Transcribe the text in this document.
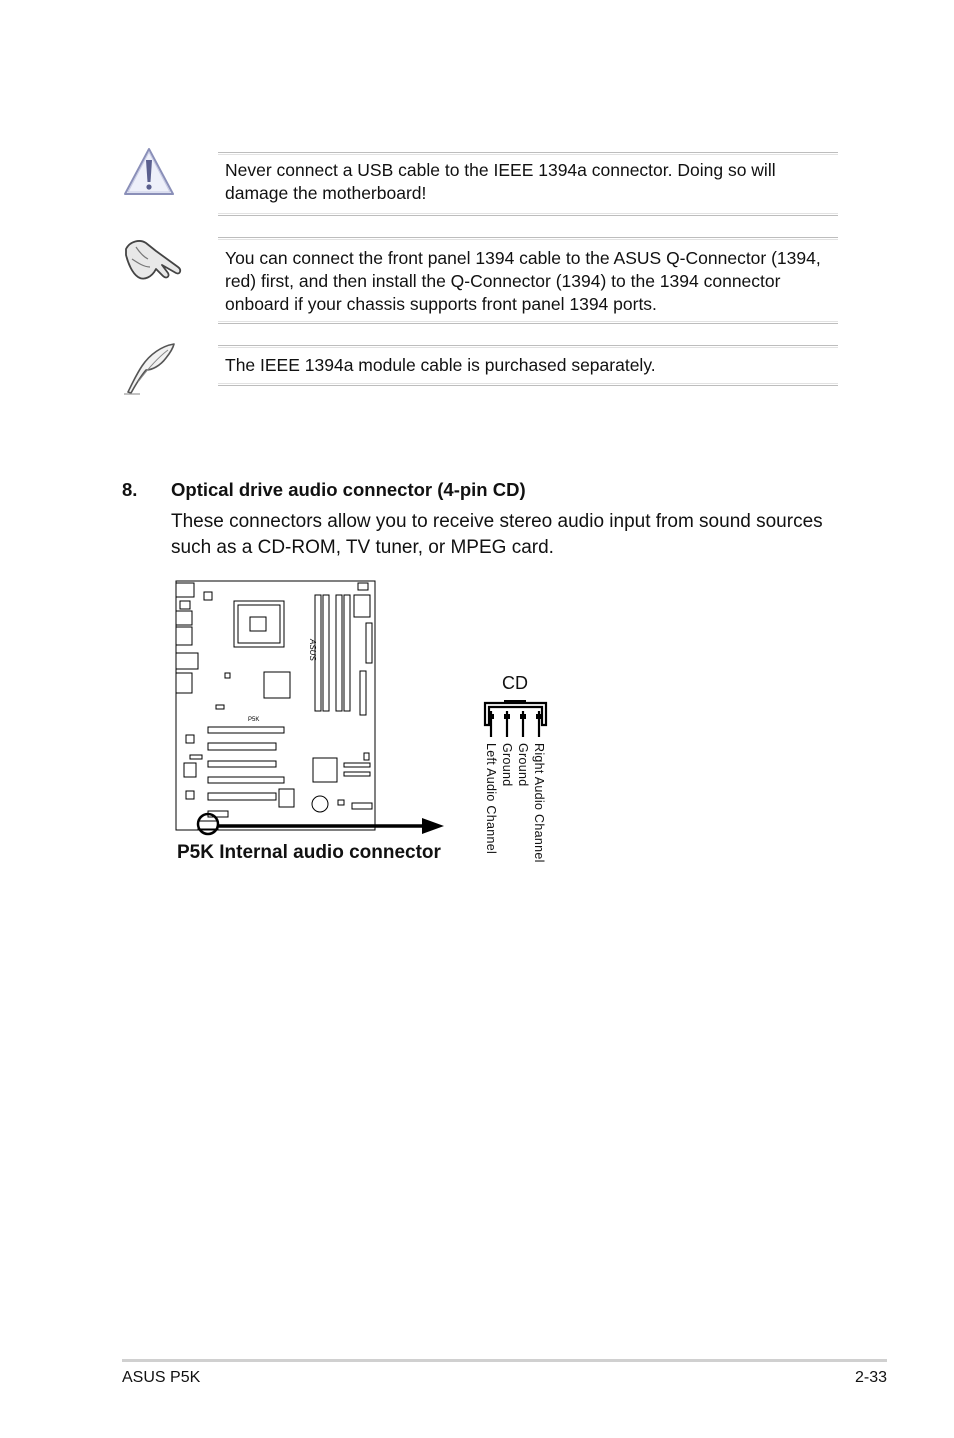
Never connect a USB cable to the IEEE 1394a connector. Doing so will damage the motherboard!

You can connect the front panel 1394 cable to the ASUS Q-Connector (1394, red) first, and then install the Q-Connector (1394) to the 1394 connector onboard if your chassis supports front panel 1394 ports.

The IEEE 1394a module cable is purchased separately.

8. Optical drive audio connector (4-pin CD)

These connectors allow you to receive stereo audio input from sound sources such as a CD-ROM, TV tuner, or MPEG card.

ASUS
P5K
P5K Internal audio connector
CD
Left Audio Channel Ground Ground Right Audio Channel
ASUS P5K	2-33
